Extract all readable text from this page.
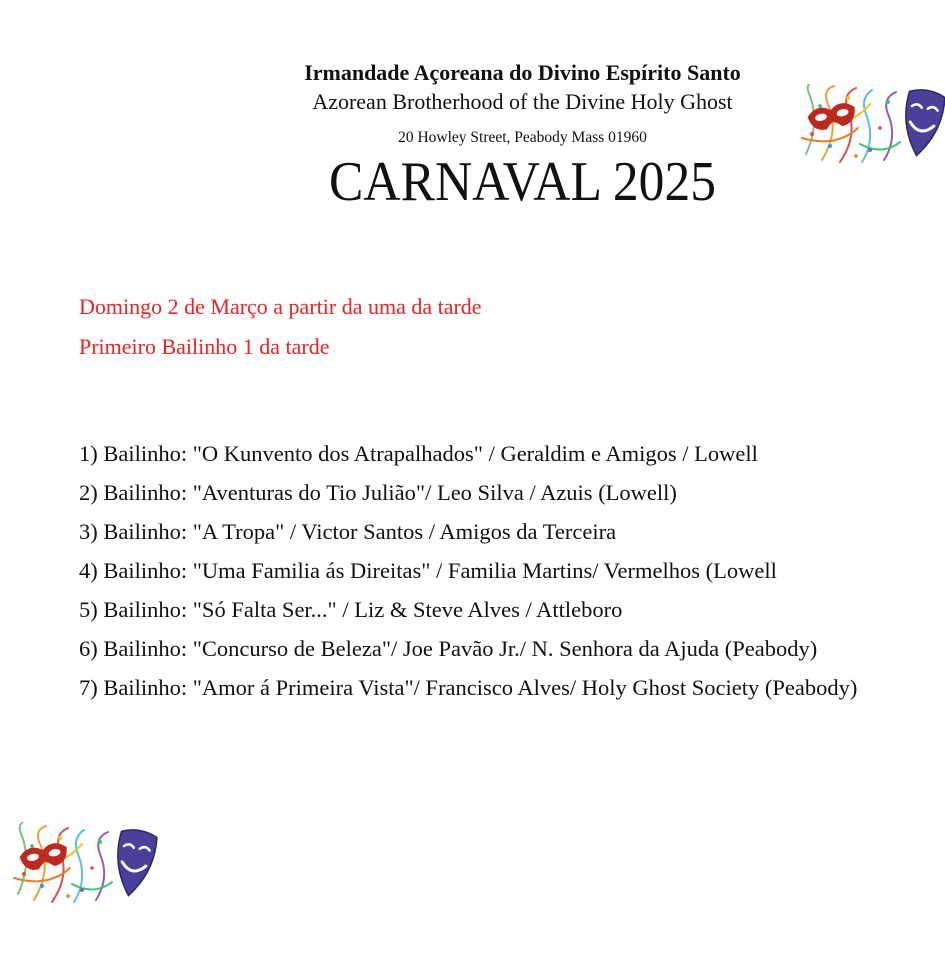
Irmandade Açoreana do Divino Espírito Santo
Azorean Brotherhood of the Divine Holy Ghost
20 Howley Street, Peabody Mass 01960
CARNAVAL 2025
Domingo 2 de Março a partir da uma da tarde
Primeiro Bailinho 1 da tarde
1) Bailinho: "O Kunvento dos Atrapalhados" / Geraldim e Amigos / Lowell
2) Bailinho: "Aventuras do Tio Julião"/ Leo Silva / Azuis (Lowell)
3) Bailinho: "A Tropa" / Victor Santos / Amigos da Terceira
4) Bailinho: "Uma Familia ás Direitas" / Familia Martins/ Vermelhos (Lowell
5) Bailinho: "Só Falta Ser..." / Liz & Steve Alves / Attleboro
6) Bailinho: "Concurso de Beleza"/ Joe Pavão Jr./ N. Senhora da Ajuda (Peabody)
7) Bailinho: "Amor á Primeira Vista"/ Francisco Alves/ Holy Ghost Society (Peabody)
